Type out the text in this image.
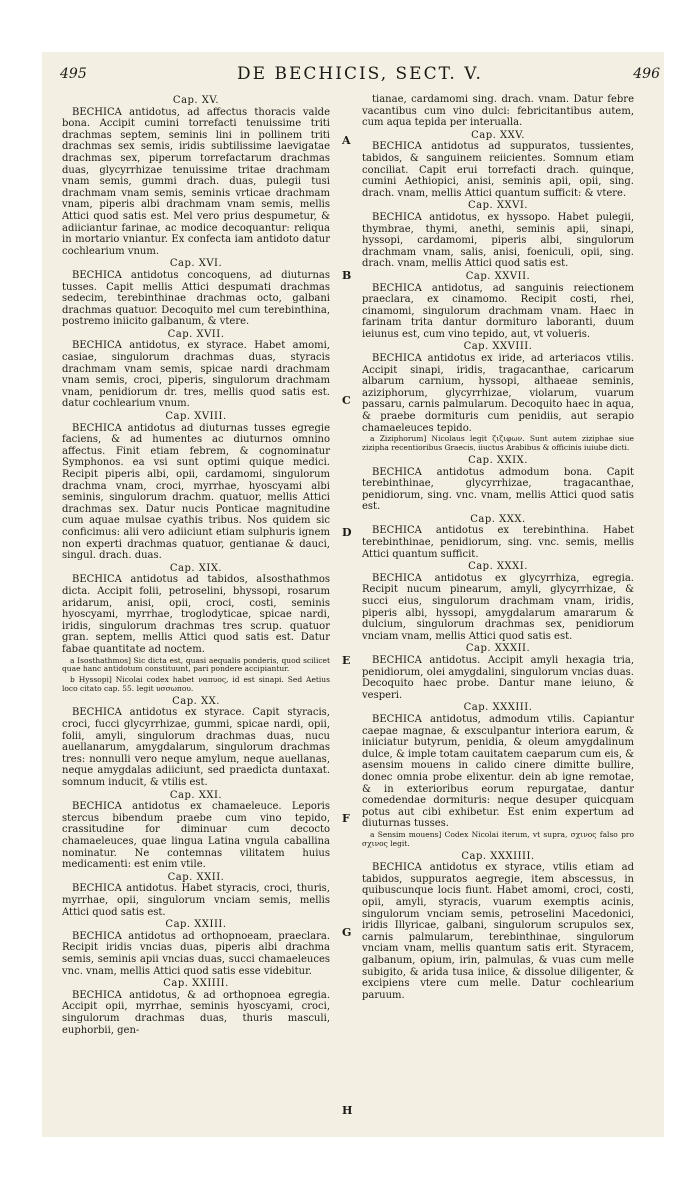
495	DE BECHICIS, SECT. V.	496
Cap. XV.

BECHICA antidotus, ad affectus thoracis valde bona. Accipit cumini torrefacti tenuissime triti drachmas septem, seminis lini in pollinem triti drachmas sex semis, iridis subtilissime laevigatae drachmas sex, piperum torrefactarum drachmas duas, glycyrrhizae tenuissime tritae drachmam vnam semis, gummi drach. duas, pulegii tusi drachmam vnam semis, seminis vrticae drachmam vnam, piperis albi drachmam vnam semis, mellis Attici quod satis est. Mel vero prius despumetur, & adiiciantur farinae, ac modice decoquantur: reliqua in mortario vniantur. Ex confecta iam antidoto datur cochlearium vnum.

Cap. XVI.

BECHICA antidotus concoquens, ad diuturnas tusses. Capit mellis Attici despumati drachmas sedecim, terebinthinae drachmas octo, galbani drachmas quatuor. Decoquito mel cum terebinthina, postremo iniicito galbanum, & vtere.

Cap. XVII.

BECHICA antidotus, ex styrace. Habet amomi, casiae, singulorum drachmas duas, styracis drachmam vnam semis, spicae nardi drachmam vnam semis, croci, piperis, singulorum drachmam vnam, penidiorum dr. tres, mellis quod satis est. datur cochlearium vnum.

Cap. XVIII.

BECHICA antidotus ad diuturnas tusses egregie faciens, & ad humentes ac diuturnos omnino affectus. Finit etiam febrem, & cognominatur Symphonos. ea vsi sunt optimi quique medici. Recipit piperis albi, opii, cardamomi, singulorum drachma vnam, croci, myrrhae, hyoscyami albi seminis, singulorum drachm. quatuor, mellis Attici drachmas sex. Datur nucis Ponticae magnitudine cum aquae mulsae cyathis tribus. Nos quidem sic conficimus: alii vero adiiciunt etiam sulphuris ignem non experti drachmas quatuor, gentianae & dauci, singul. drach. duas.

Cap. XIX.

BECHICA antidotus ad tabidos, aIsosthathmos dicta. Accipit folii, petroselini, bhyssopi, rosarum aridarum, anisi, opii, croci, costi, seminis hyoscyami, myrrhae, troglodyticae, spicae nardi, iridis, singulorum drachmas tres scrup. quatuor gran. septem, mellis Attici quod satis est. Datur fabae quantitate ad noctem.

a Isosthathmos] Sic dicta est, quasi aequalis ponderis, quod scilicet quae hanc antidotum constituunt, pari pondere accipiantur.

b Hyssopi] Nicolai codex habet ναπυος, id est sinapi. Sed Aetius loco citato cap. 55. legit υσσωπου.

Cap. XX.

BECHICA antidotus ex styrace. Capit styracis, croci, fucci glycyrrhizae, gummi, spicae nardi, opii, folii, amyli, singulorum drachmas duas, nucu auellanarum, amygdalarum, singulorum drachmas tres: nonnulli vero neque amylum, neque auellanas, neque amygdalas adiiciunt, sed praedicta duntaxat. somnum inducit, & vtilis est.

Cap. XXI.

BECHICA antidotus ex chamaeleuce. Leporis stercus bibendum praebe cum vino tepido, crassitudine for diminuar cum decocto chamaeleuces, quae lingua Latina vngula caballina nominatur. Ne contemnas vilitatem huius medicamenti: est enim vtile.

Cap. XXII.

BECHICA antidotus. Habet styracis, croci, thuris, myrrhae, opii, singulorum vnciam semis, mellis Attici quod satis est.

Cap. XXIII.

BECHICA antidotus ad orthopnoeam, praeclara. Recipit iridis vncias duas, piperis albi drachma semis, seminis apii vncias duas, succi chamaeleuces vnc. vnam, mellis Attici quod satis esse videbitur.

Cap. XXIIII.

BECHICA antidotus, & ad orthopnoea egregia. Accipit opii, myrrhae, seminis hyoscyami, croci, singulorum drachmas duas, thuris masculi, euphorbii, gen-

A
B
C
D
E
F
G
H

tianae, cardamomi sing. drach. vnam. Datur febre vacantibus cum vino dulci: febricitantibus autem, cum aqua tepida per interualla.

Cap. XXV.

BECHICA antidotus ad suppuratos, tussientes, tabidos, & sanguinem reiicientes. Somnum etiam conciliat. Capit erui torrefacti drach. quinque, cumini Aethiopici, anisi, seminis apii, opii, sing. drach. vnam, mellis Attici quantum sufficit: & vtere.

Cap. XXVI.

BECHICA antidotus, ex hyssopo. Habet pulegii, thymbrae, thymi, anethi, seminis apii, sinapi, hyssopi, cardamomi, piperis albi, singulorum drachmam vnam, salis, anisi, foeniculi, opii, sing. drach. vnam, mellis Attici quod satis est.

Cap. XXVII.

BECHICA antidotus, ad sanguinis reiectionem praeclara, ex cinamomo. Recipit costi, rhei, cinamomi, singulorum drachmam vnam. Haec in farinam trita dantur dormituro laboranti, duum ieiunus est, cum vino tepido, aut, vt volueris.

Cap. XXVIII.

BECHICA antidotus ex iride, ad arteriacos vtilis. Accipit sinapi, iridis, tragacanthae, caricarum albarum carnium, hyssopi, althaeae seminis, aziziphorum, glycyrrhizae, violarum, vuarum passaru, carnis palmularum. Decoquito haec in aqua, & praebe dormituris cum penidiis, aut serapio chamaeleuces tepido.

a Ziziphorum] Nicolaus legit ζιζιφων. Sunt autem ziziphae siue zizipha recentioribus Graecis, iiuctus Arabibus & officinis iuiube dicti.

Cap. XXIX.

BECHICA antidotus admodum bona. Capit terebinthinae, glycyrrhizae, tragacanthae, penidiorum, sing. vnc. vnam, mellis Attici quod satis est.

Cap. XXX.

BECHICA antidotus ex terebinthina. Habet terebinthinae, penidiorum, sing. vnc. semis, mellis Attici quantum sufficit.

Cap. XXXI.

BECHICA antidotus ex glycyrrhiza, egregia. Recipit nucum pinearum, amyli, glycyrrhizae, & succi eius, singulorum drachmam vnam, iridis, piperis albi, hyssopi, amygdalarum amararum & dulcium, singulorum drachmas sex, penidiorum vnciam vnam, mellis Attici quod satis est.

Cap. XXXII.

BECHICA antidotus. Accipit amyli hexagia tria, penidiorum, olei amygdalini, singulorum vncias duas. Decoquito haec probe. Dantur mane ieiuno, & vesperi.

Cap. XXXIII.

BECHICA antidotus, admodum vtilis. Capiantur caepae magnae, & exsculpantur interiora earum, & iniiciatur butyrum, penidia, & oleum amygdalinum dulce, & imple totam cauitatem caeparum cum eis, & asensim mouens in calido cinere dimitte bullire, donec omnia probe elixentur. dein ab igne remotae, & in exterioribus eorum repurgatae, dantur comedendae dormituris: neque desuper quicquam potus aut cibi exhibetur. Est enim expertum ad diuturnas tusses.

a Sensim mouens] Codex Nicolai iterum, vt supra, σχινος falso pro σχινος legit.

Cap. XXXIIII.

BECHICA antidotus ex styrace, vtilis etiam ad tabidos, suppuratos aegregie, item abscessus, in quibuscunque locis fiunt. Habet amomi, croci, costi, opii, amyli, styracis, vuarum exemptis acinis, singulorum vnciam semis, petroselini Macedonici, iridis Illyricae, galbani, singulorum scrupulos sex, carnis palmularum, terebinthinae, singulorum vnciam vnam, mellis quantum satis erit. Styracem, galbanum, opium, irin, palmulas, & vuas cum melle subigito, & arida tusa iniice, & dissolue diligenter, & excipiens vtere cum melle. Datur cochlearium paruum.
